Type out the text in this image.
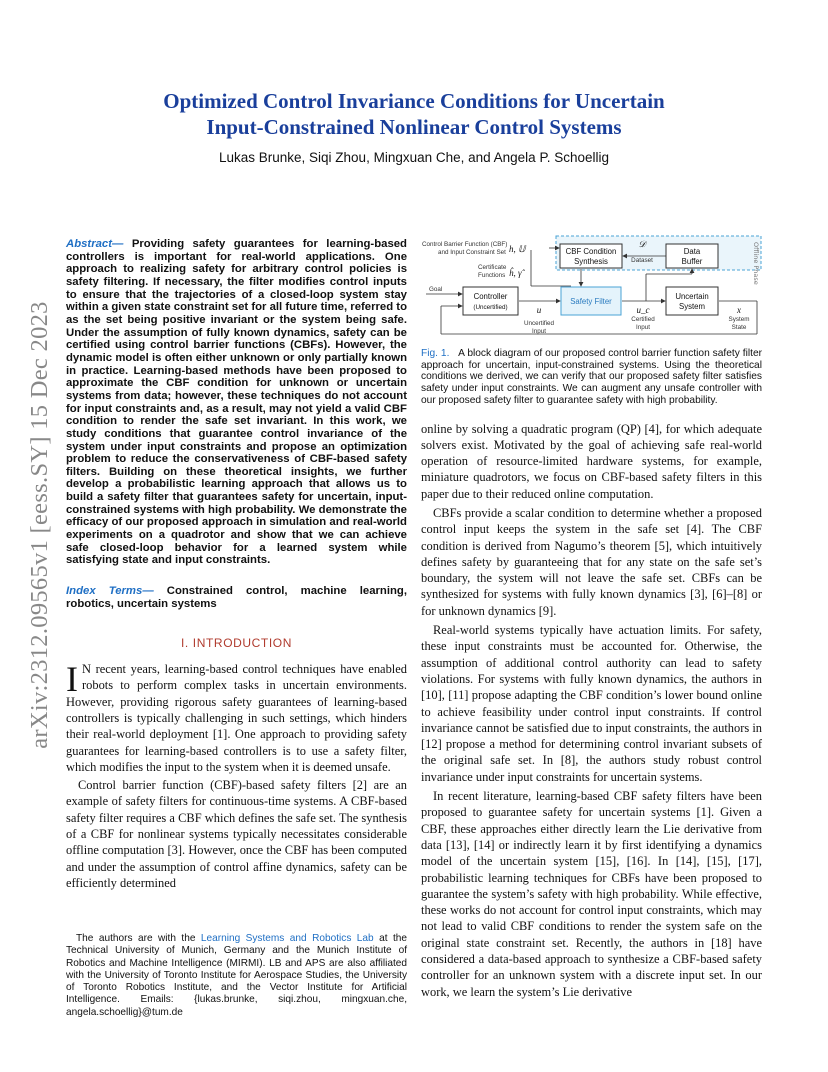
arXiv:2312.09565v1 [eess.SY] 15 Dec 2023
Optimized Control Invariance Conditions for Uncertain
Input-Constrained Nonlinear Control Systems
Lukas Brunke, Siqi Zhou, Mingxuan Che, and Angela P. Schoellig
Abstract— Providing safety guarantees for learning-based controllers is important for real-world applications. One approach to realizing safety for arbitrary control policies is safety filtering. If necessary, the filter modifies control inputs to ensure that the trajectories of a closed-loop system stay within a given state constraint set for all future time, referred to as the set being positive invariant or the system being safe. Under the assumption of fully known dynamics, safety can be certified using control barrier functions (CBFs). However, the dynamic model is often either unknown or only partially known in practice. Learning-based methods have been proposed to approximate the CBF condition for unknown or uncertain systems from data; however, these techniques do not account for input constraints and, as a result, may not yield a valid CBF condition to render the safe set invariant. In this work, we study conditions that guarantee control invariance of the system under input constraints and propose an optimization problem to reduce the conservativeness of CBF-based safety filters. Building on these theoretical insights, we further develop a probabilistic learning approach that allows us to build a safety filter that guarantees safety for uncertain, input-constrained systems with high probability. We demonstrate the efficacy of our proposed approach in simulation and real-world experiments on a quadrotor and show that we can achieve safe closed-loop behavior for a learned system while satisfying state and input constraints.
Index Terms— Constrained control, machine learning, robotics, uncertain systems
I. INTRODUCTION

I N recent years, learning-based control techniques have enabled robots to perform complex tasks in uncertain environments. However, providing rigorous safety guarantees of learning-based controllers is typically challenging in such settings, which hinders their real-world deployment [1]. One approach to providing safety guarantees for learning-based controllers is to use a safety filter, which modifies the input to the system when it is deemed unsafe.

Control barrier function (CBF)-based safety filters [2] are an example of safety filters for continuous-time systems. A CBF-based safety filter requires a CBF which defines the safe set. The synthesis of a CBF for nonlinear systems typically necessitates considerable offline computation [3]. However, once the CBF has been computed and under the assumption of control affine dynamics, safety can be efficiently determined

The authors are with the Learning Systems and Robotics Lab at the Technical University of Munich, Germany and the Munich Institute of Robotics and Machine Intelligence (MIRMI). LB and APS are also affiliated with the University of Toronto Institute for Aerospace Studies, the University of Toronto Robotics Institute, and the Vector Institute for Artificial Intelligence. Emails: {lukas.brunke, siqi.zhou, mingxuan.che, angela.schoellig}@tum.de
Offline Phase
Control Barrier Function (CBF)
and Input Constraint Set h, 𝕌
Certificate
Functions ĥ, γ̂
CBF Condition
Synthesis
Data
Buffer
𝒟
Dataset
Goal
Controller
(Uncertified)
Safety Filter
Uncertain
System
u
Uncertified
Input
u_c
Certified
Input
x
System
State
Fig. 1. A block diagram of our proposed control barrier function safety filter approach for uncertain, input-constrained systems. Using the theoretical conditions we derived, we can verify that our proposed safety filter satisfies safety under input constraints. We can augment any unsafe controller with our proposed safety filter to guarantee safety with high probability.

online by solving a quadratic program (QP) [4], for which adequate solvers exist. Motivated by the goal of achieving safe real-world operation of resource-limited hardware systems, for example, miniature quadrotors, we focus on CBF-based safety filters in this paper due to their reduced online computation.

CBFs provide a scalar condition to determine whether a proposed control input keeps the system in the safe set [4]. The CBF condition is derived from Nagumo’s theorem [5], which intuitively defines safety by guaranteeing that for any state on the safe set’s boundary, the system will not leave the safe set. CBFs can be synthesized for systems with fully known dynamics [3], [6]–[8] or for unknown dynamics [9].

Real-world systems typically have actuation limits. For safety, these input constraints must be accounted for. Otherwise, the assumption of additional control authority can lead to safety violations. For systems with fully known dynamics, the authors in [10], [11] propose adapting the CBF condition’s lower bound online to achieve feasibility under control input constraints. If control invariance cannot be satisfied due to input constraints, the authors in [12] propose a method for determining control invariant subsets of the original safe set. In [8], the authors study robust control invariance under input constraints for uncertain systems.

In recent literature, learning-based CBF safety filters have been proposed to guarantee safety for uncertain systems [1]. Given a CBF, these approaches either directly learn the Lie derivative from data [13], [14] or indirectly learn it by first identifying a dynamics model of the uncertain system [15], [16]. In [14], [15], [17], probabilistic learning techniques for CBFs have been proposed to guarantee the system’s safety with high probability. While effective, these works do not account for control input constraints, which may not lead to valid CBF conditions to render the system safe on the original state constraint set. Recently, the authors in [18] have considered a data-based approach to synthesize a CBF-based safety controller for an unknown system with a discrete input set. In our work, we learn the system’s Lie derivative
